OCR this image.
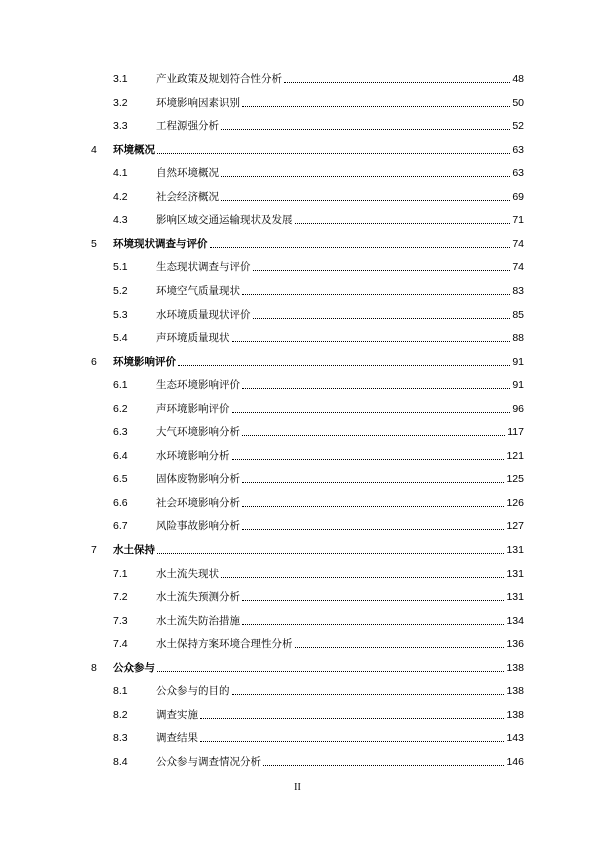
3.1	产业政策及规划符合性分析	48
3.2	环境影响因素识别	50
3.3	工程源强分析	52
4 环境概况	63
4.1	自然环境概况	63
4.2	社会经济概况	69
4.3	影响区域交通运输现状及发展	71
5 环境现状调查与评价	74
5.1	生态现状调查与评价	74
5.2	环境空气质量现状	83
5.3	水环境质量现状评价	85
5.4	声环境质量现状	88
6 环境影响评价	91
6.1	生态环境影响评价	91
6.2	声环境影响评价	96
6.3	大气环境影响分析	117
6.4	水环境影响分析	121
6.5	固体废物影响分析	125
6.6	社会环境影响分析	126
6.7	风险事故影响分析	127
7 水土保持	131
7.1	水土流失现状	131
7.2	水土流失预测分析	131
7.3	水土流失防治措施	134
7.4	水土保持方案环境合理性分析	136
8 公众参与	138
8.1	公众参与的目的	138
8.2	调查实施	138
8.3	调查结果	143
8.4	公众参与调查情况分析	146
II
